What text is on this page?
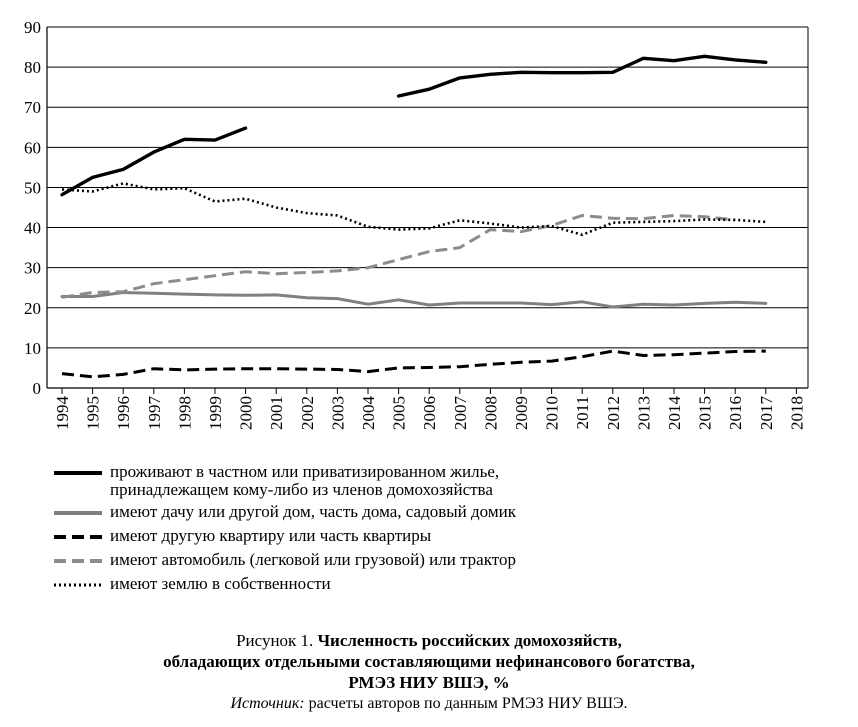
0
10
20
30
40
50
60
70
80
90
1994 1995 1996 1997 1998 1999 2000 2001 2002 2003 2004 2005 2006 2007 2008 2009 2010 2011 2012 2013 2014 2015 2016 2017 2018
проживают в частном или приватизированном жилье,
принадлежащем кому-либо из членов домохозяйства
имеют дачу или другой дом, часть дома, садовый домик
имеют другую квартиру или часть квартиры
имеют автомобиль (легковой или грузовой) или трактор
имеют землю в собственности
Рисунок 1. Численность российских домохозяйств,
обладающих отдельными составляющими нефинансового богатства,
РМЭЗ НИУ ВШЭ, %
Источник: расчеты авторов по данным РМЭЗ НИУ ВШЭ.
